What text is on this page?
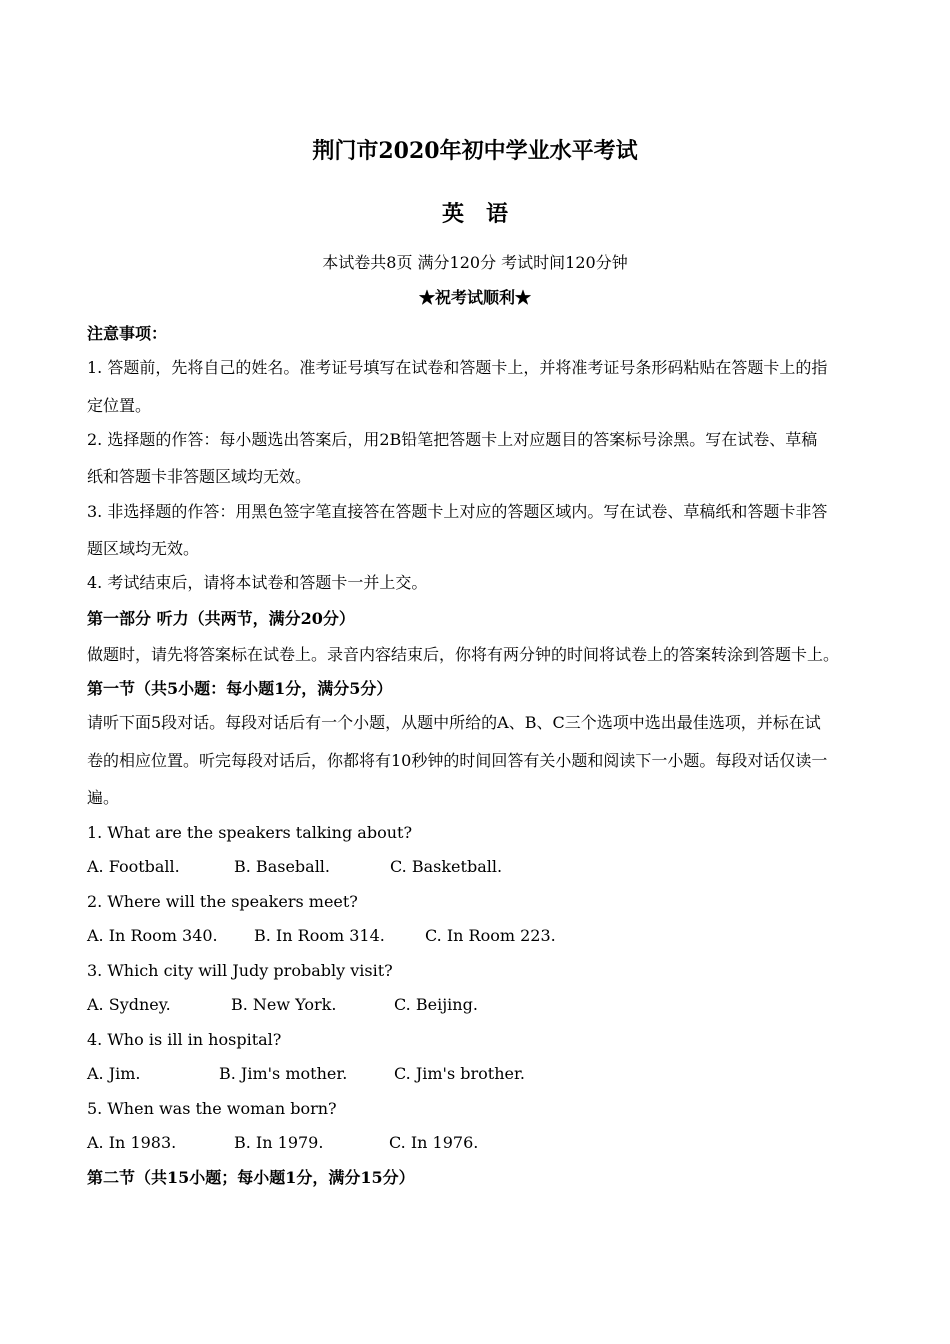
荆门市2020年初中学业水平考试
英语
本试卷共8页 满分120分 考试时间120分钟
★祝考试顺利★
注意事项：
1. 答题前，先将自己的姓名。准考证号填写在试卷和答题卡上，并将准考证号条形码粘贴在答题卡上的指
定位置。
2. 选择题的作答：每小题选出答案后，用2B铅笔把答题卡上对应题目的答案标号涂黑。写在试卷、草稿
纸和答题卡非答题区域均无效。
3. 非选择题的作答：用黑色签字笔直接答在答题卡上对应的答题区域内。写在试卷、草稿纸和答题卡非答
题区域均无效。
4. 考试结束后，请将本试卷和答题卡一并上交。
第一部分 听力（共两节，满分20分）
做题时，请先将答案标在试卷上。录音内容结束后，你将有两分钟的时间将试卷上的答案转涂到答题卡上。
第一节（共5小题：每小题1分，满分5分）
请听下面5段对话。每段对话后有一个小题，从题中所给的A、B、C三个选项中选出最佳选项，并标在试
卷的相应位置。听完每段对话后，你都将有10秒钟的时间回答有关小题和阅读下一小题。每段对话仅读一
遍。
1. What are the speakers talking about?
A. Football.	B. Baseball.	C. Basketball.
2. Where will the speakers meet?
A. In Room 340. B. In Room 314.	C. In Room 223.
3. Which city will Judy probably visit?
A. Sydney.	B. New York.	C. Beijing.
4. Who is ill in hospital?
A. Jim.	B. Jim's mother.	C. Jim's brother.
5. When was the woman born?
A. In 1983.	B. In 1979.	C. In 1976.
第二节（共15小题；每小题1分，满分15分）
